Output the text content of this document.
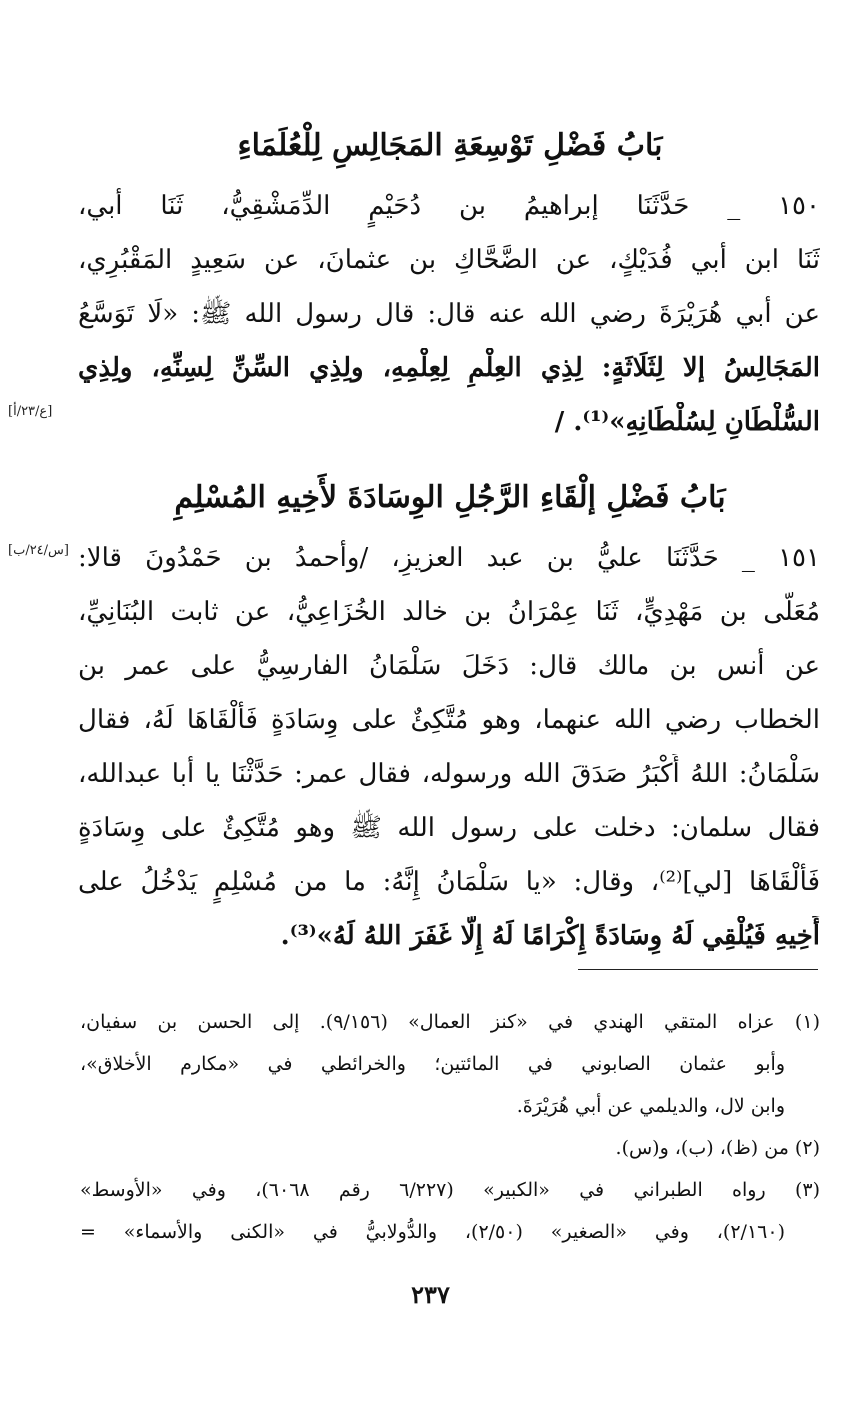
بَابُ فَضْلِ تَوْسِعَةِ المَجَالِسِ لِلْعُلَمَاءِ
١٥٠ _ حَدَّثَنَا إبراهيمُ بن دُحَيْمٍ الدِّمَشْقِيُّ، ثَنَا أبي،
ثَنَا ابن أبي فُدَيْكٍ، عن الضَّحَّاكِ بن عثمانَ، عن سَعِيدٍ المَقْبُرِي،
عن أبي هُرَيْرَةَ رضي الله عنه قال: قال رسول الله ﷺ: «لَا تَوَسَّعُ
المَجَالِسُ إلا لِثَلَاثَةٍ: لِذِي العِلْمِ لِعِلْمِهِ، ولِذِي السِّنِّ لِسِنِّهِ، ولِذِي
السُّلْطَانِ لِسُلْطَانِهِ»⁽¹⁾. /
[ع/٢٣/أ]
بَابُ فَضْلِ إلْقَاءِ الرَّجُلِ الوِسَادَةَ لأَخِيهِ المُسْلِمِ
١٥١ _ حَدَّثَنَا عليُّ بن عبد العزيزِ، /وأحمدُ بن حَمْدُونَ قالا:
[س/٢٤/ب]
مُعَلَّى بن مَهْدِيٍّ، ثَنَا عِمْرَانُ بن خالد الخُزَاعِيُّ، عن ثابت البُنَانِيِّ،
عن أنس بن مالك قال: دَخَلَ سَلْمَانُ الفارسِيُّ على عمر بن
الخطاب رضي الله عنهما، وهو مُتَّكِئٌ على وِسَادَةٍ فَأَلْقَاهَا لَهُ، فقال
سَلْمَانُ: اللهُ أَكْبَرُ صَدَقَ الله ورسوله، فقال عمر: حَدَّثْنَا يا أبا عبدالله،
فقال سلمان: دخلت على رسول الله ﷺ وهو مُتَّكِئٌ على وِسَادَةٍ
فَأَلْقَاهَا [لي]⁽²⁾، وقال: «يا سَلْمَانُ إِنَّهُ: ما من مُسْلِمٍ يَدْخُلُ على
أَخِيهِ فَيُلْقِي لَهُ وِسَادَةً إِكْرَامًا لَهُ إِلَّا غَفَرَ اللهُ لَهُ»⁽³⁾.
(١) عزاه المتقي الهندي في «كنز العمال» (٩/١٥٦). إلى الحسن بن سفيان،
وأبو عثمان الصابوني في المائتين؛ والخرائطي في «مكارم الأخلاق»،
وابن لال، والديلمي عن أبي هُرَيْرَةَ.
(٢) من (ظ)، (ب)، و(س).
(٣) رواه الطبراني في «الكبير» (٦/٢٢٧ رقم ٦٠٦٨)، وفي «الأوسط»
(٢/١٦٠)، وفي «الصغير» (٢/٥٠)، والدُّولابيُّ في «الكنى والأسماء» =
٢٣٧
